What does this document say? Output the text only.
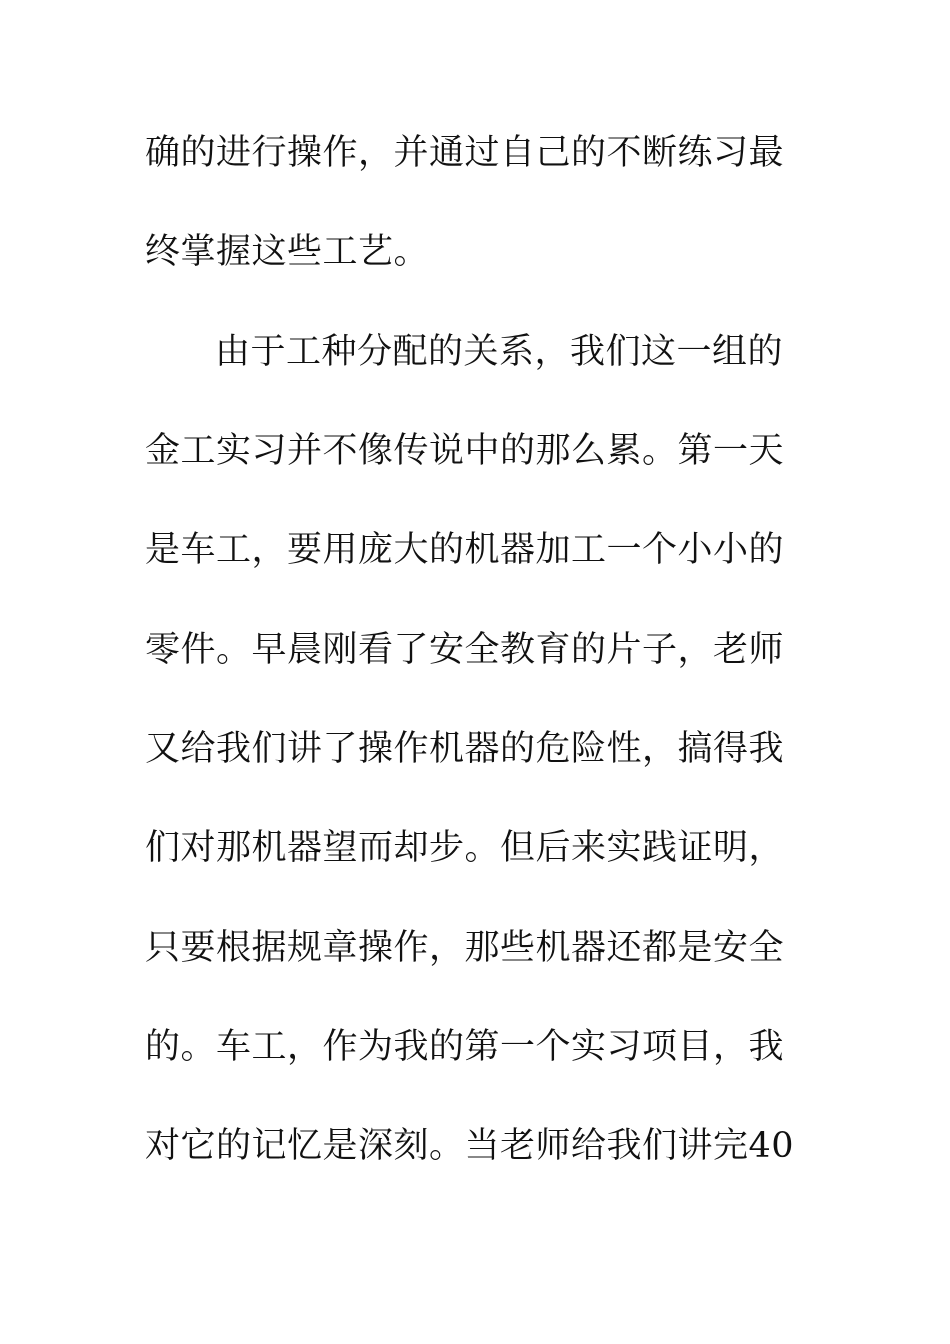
确的进行操作，并通过自己的不断练习最
终掌握这些工艺。
由于工种分配的关系，我们这一组的
金工实习并不像传说中的那么累。第一天
是车工，要用庞大的机器加工一个小小的
零件。早晨刚看了安全教育的片子，老师
又给我们讲了操作机器的危险性，搞得我
们对那机器望而却步。但后来实践证明，
只要根据规章操作，那些机器还都是安全
的。车工，作为我的第一个实习项目，我
对它的记忆是深刻。当老师给我们讲完40
